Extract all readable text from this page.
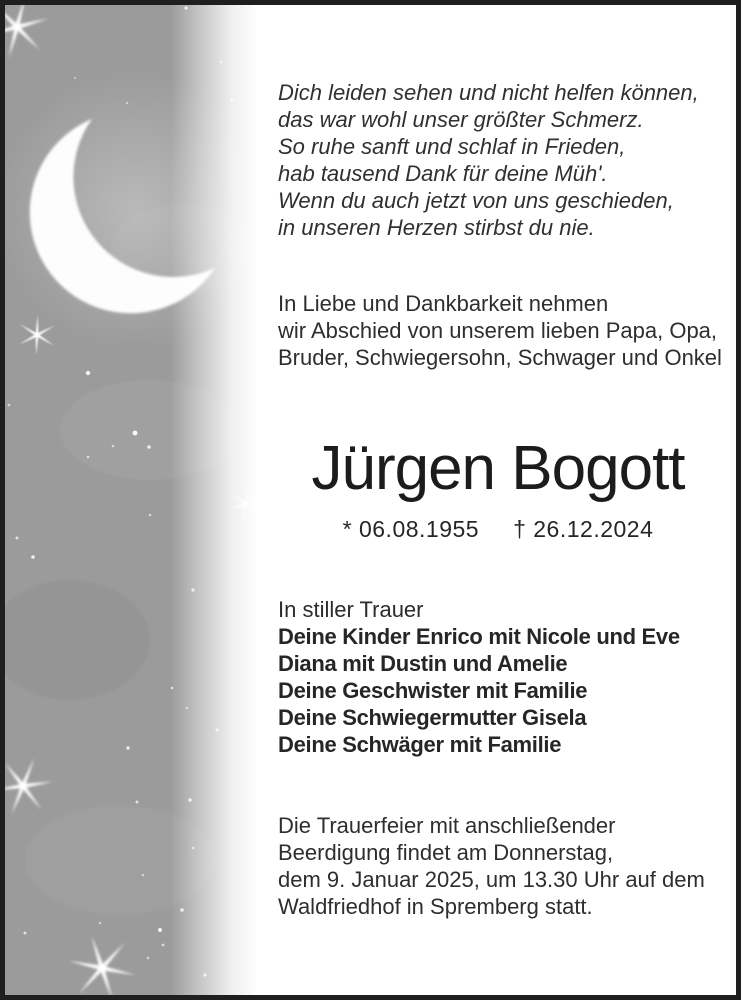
Dich leiden sehen und nicht helfen können,
das war wohl unser größter Schmerz.
So ruhe sanft und schlaf in Frieden,
hab tausend Dank für deine Müh'.
Wenn du auch jetzt von uns geschieden,
in unseren Herzen stirbst du nie.
In Liebe und Dankbarkeit nehmen
wir Abschied von unserem lieben Papa, Opa,
Bruder, Schwiegersohn, Schwager und Onkel
Jürgen Bogott
* 06.08.1955 † 26.12.2024
In stiller Trauer
Deine Kinder Enrico mit Nicole und Eve
Diana mit Dustin und Amelie
Deine Geschwister mit Familie
Deine Schwiegermutter Gisela
Deine Schwäger mit Familie
Die Trauerfeier mit anschließender
Beerdigung findet am Donnerstag,
dem 9. Januar 2025, um 13.30 Uhr auf dem
Waldfriedhof in Spremberg statt.
